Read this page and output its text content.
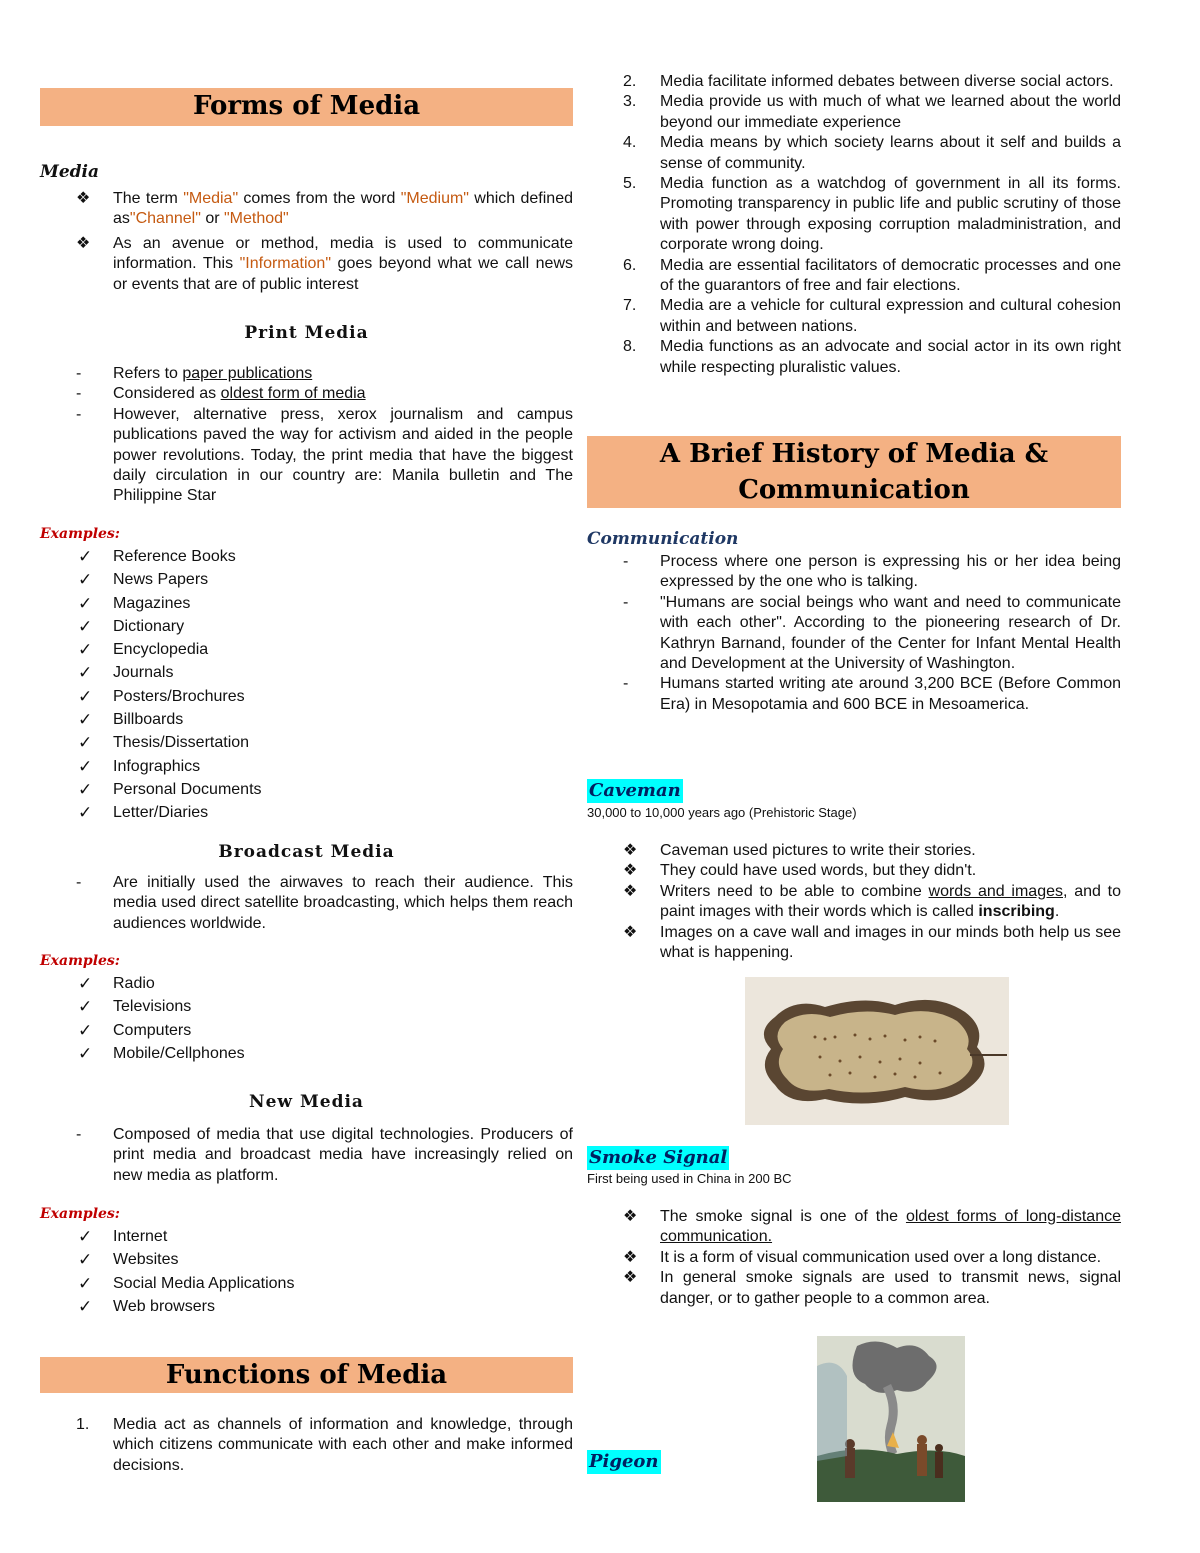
Forms of Media
Media
❖ The term "Media" comes from the word "Medium" which defined as"Channel" or "Method"
❖ As an avenue or method, media is used to communicate information. This "Information" goes beyond what we call news or events that are of public interest
Print Media
- Refers to paper publications
- Considered as oldest form of media
- However, alternative press, xerox journalism and campus publications paved the way for activism and aided in the people power revolutions. Today, the print media that have the biggest daily circulation in our country are: Manila bulletin and The Philippine Star
Examples:
✓ Reference Books
✓ News Papers
✓ Magazines
✓ Dictionary
✓ Encyclopedia
✓ Journals
✓ Posters/Brochures
✓ Billboards
✓ Thesis/Dissertation
✓ Infographics
✓ Personal Documents
✓ Letter/Diaries
Broadcast Media
- Are initially used the airwaves to reach their audience. This media used direct satellite broadcasting, which helps them reach audiences worldwide.
Examples:
✓ Radio
✓ Televisions
✓ Computers
✓ Mobile/Cellphones
New Media
- Composed of media that use digital technologies. Producers of print media and broadcast media have increasingly relied on new media as platform.
Examples:
✓ Internet
✓ Websites
✓ Social Media Applications
✓ Web browsers
Functions of Media
1. Media act as channels of information and knowledge, through which citizens communicate with each other and make informed decisions.
2. Media facilitate informed debates between diverse social actors.
3. Media provide us with much of what we learned about the world beyond our immediate experience
4. Media means by which society learns about it self and builds a sense of community.
5. Media function as a watchdog of government in all its forms. Promoting transparency in public life and public scrutiny of those with power through exposing corruption maladministration, and corporate wrong doing.
6. Media are essential facilitators of democratic processes and one of the guarantors of free and fair elections.
7. Media are a vehicle for cultural expression and cultural cohesion within and between nations.
8. Media functions as an advocate and social actor in its own right while respecting pluralistic values.
A Brief History of Media & Communication
Communication
- Process where one person is expressing his or her idea being expressed by the one who is talking.
- "Humans are social beings who want and need to communicate with each other". According to the pioneering research of Dr. Kathryn Barnand, founder of the Center for Infant Mental Health and Development at the University of Washington.
- Humans started writing ate around 3,200 BCE (Before Common Era) in Mesopotamia and 600 BCE in Mesoamerica.
Caveman
30,000 to 10,000 years ago (Prehistoric Stage)
❖ Caveman used pictures to write their stories.
❖ They could have used words, but they didn't.
❖ Writers need to be able to combine words and images, and to paint images with their words which is called inscribing.
❖ Images on a cave wall and images in our minds both help us see what is happening.
Smoke Signal
First being used in China in 200 BC
❖ The smoke signal is one of the oldest forms of long-distance communication.
❖ It is a form of visual communication used over a long distance.
❖ In general smoke signals are used to transmit news, signal danger, or to gather people to a common area.
Pigeon
